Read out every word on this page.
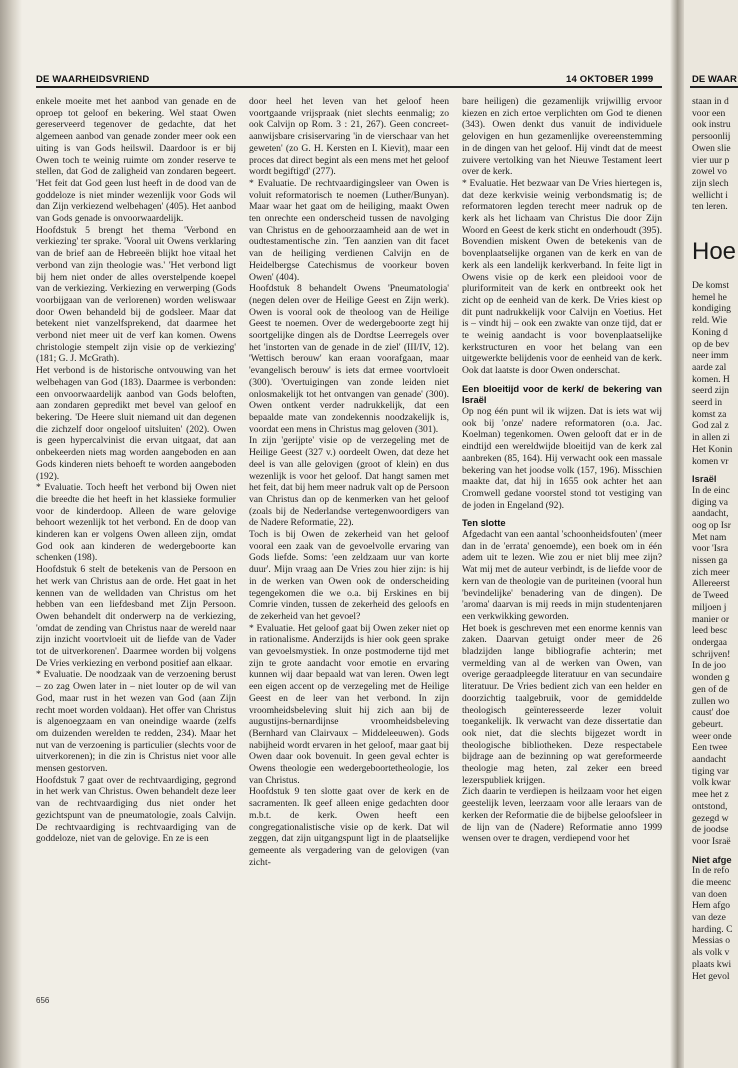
DE WAARHEIDSVRIEND	14 OKTOBER 1999

enkele moeite met het aanbod van genade en de oproep tot geloof en bekering. Wel staat Owen gereserveerd tegenover de gedachte, dat het algemeen aanbod van genade zonder meer ook een uiting is van Gods heilswil. Daardoor is er bij Owen toch te weinig ruimte om zonder reserve te stellen, dat God de zaligheid van zondaren begeert. 'Het feit dat God geen lust heeft in de dood van de goddeloze is niet minder wezenlijk voor Gods wil dan Zijn verkiezend welbehagen' (405). Het aanbod van Gods genade is onvoorwaardelijk.

Hoofdstuk 5 brengt het thema 'Verbond en verkiezing' ter sprake. 'Vooral uit Owens verklaring van de brief aan de Hebreeën blijkt hoe vitaal het verbond van zijn theologie was.' 'Het verbond ligt bij hem niet onder de alles overstelpende koepel van de verkiezing. Verkiezing en verwerping (Gods voorbijgaan van de verlorenen) worden weliswaar door Owen behandeld bij de godsleer. Maar dat betekent niet vanzelfsprekend, dat daarmee het verbond niet meer uit de verf kan komen. Owens christologie stempelt zijn visie op de verkiezing' (181; G. J. McGrath).

Het verbond is de historische ontvouwing van het welbehagen van God (183). Daarmee is verbonden: een onvoorwaardelijk aanbod van Gods beloften, aan zondaren gepredikt met bevel van geloof en bekering. 'De Heere sluit niemand uit dan degenen die zichzelf door ongeloof uitsluiten' (202). Owen is geen hypercalvinist die ervan uitgaat, dat aan onbekeerden niets mag worden aangeboden en aan Gods kinderen niets behoeft te worden aangeboden (192).

* Evaluatie. Toch heeft het verbond bij Owen niet die breedte die het heeft in het klassieke formulier voor de kinderdoop. Alleen de ware gelovige behoort wezenlijk tot het verbond. En de doop van kinderen kan er volgens Owen alleen zijn, omdat God ook aan kinderen de wedergeboorte kan schenken (198).

Hoofdstuk 6 stelt de betekenis van de Persoon en het werk van Christus aan de orde. Het gaat in het kennen van de welldaden van Christus om het hebben van een liefdesband met Zijn Persoon. Owen behandelt dit onderwerp na de verkiezing, 'omdat de zending van Christus naar de wereld naar zijn inzicht voortvloeit uit de liefde van de Vader tot de uitverkorenen'. Daarmee worden bij volgens De Vries verkiezing en verbond positief aan elkaar.

* Evaluatie. De noodzaak van de verzoening berust – zo zag Owen later in – niet louter op de wil van God, maar rust in het wezen van God (aan Zijn recht moet worden voldaan). Het offer van Christus is algenoegzaam en van oneindige waarde (zelfs om duizenden werelden te redden, 234). Maar het nut van de verzoening is particulier (slechts voor de uitverkorenen); in die zin is Christus niet voor alle mensen gestorven.

Hoofdstuk 7 gaat over de rechtvaardiging, gegrond in het werk van Christus. Owen behandelt deze leer van de rechtvaardiging dus niet onder het gezichtspunt van de pneumatologie, zoals Calvijn. De rechtvaardiging is rechtvaardiging van de goddeloze, niet van de gelovige. En ze is een

door heel het leven van het geloof heen voortgaande vrijspraak (niet slechts eenmalig; zo ook Calvijn op Rom. 3 : 21, 267). Geen concreet-aanwijsbare crisiservaring 'in de vierschaar van het geweten' (zo G. H. Kersten en I. Kievit), maar een proces dat direct begint als een mens met het geloof wordt begiftigd' (277).

* Evaluatie. De rechtvaardigingsleer van Owen is voluit reformatorisch te noemen (Luther/Bunyan). Maar waar het gaat om de heiliging, maakt Owen ten onrechte een onderscheid tussen de navolging van Christus en de gehoorzaamheid aan de wet in oudtestamentische zin. 'Ten aanzien van dit facet van de heiliging verdienen Calvijn en de Heidelbergse Catechismus de voorkeur boven Owen' (404).

Hoofdstuk 8 behandelt Owens 'Pneumatologia' (negen delen over de Heilige Geest en Zijn werk). Owen is vooral ook de theoloog van de Heilige Geest te noemen. Over de wedergeboorte zegt hij soortgelijke dingen als de Dordtse Leerregels over het 'instorten van de genade in de ziel' (III/IV, 12). 'Wettisch berouw' kan eraan voorafgaan, maar 'evangelisch berouw' is iets dat ermee voortvloeit (300). 'Overtuigingen van zonde leiden niet onlosmakelijk tot het ontvangen van genade' (300). Owen ontkent verder nadrukkelijk, dat een bepaalde mate van zondekennis noodzakelijk is, voordat een mens in Christus mag geloven (301).

In zijn 'gerijpte' visie op de verzegeling met de Heilige Geest (327 v.) oordeelt Owen, dat deze het deel is van alle gelovigen (groot of klein) en dus wezenlijk is voor het geloof. Dat hangt samen met het feit, dat bij hem meer nadruk valt op de Persoon van Christus dan op de kenmerken van het geloof (zoals bij de Nederlandse vertegenwoordigers van de Nadere Reformatie, 22).

Toch is bij Owen de zekerheid van het geloof vooral een zaak van de gevoelvolle ervaring van Gods liefde. Soms: 'een zeldzaam uur van korte duur'. Mijn vraag aan De Vries zou hier zijn: is hij in de werken van Owen ook de onderscheiding tegengekomen die we o.a. bij Erskines en bij Comrie vinden, tussen de zekerheid des geloofs en de zekerheid van het gevoel?

* Evaluatie. Het geloof gaat bij Owen zeker niet op in rationalisme. Anderzijds is hier ook geen sprake van gevoelsmystiek. In onze postmoderne tijd met zijn te grote aandacht voor emotie en ervaring kunnen wij daar bepaald wat van leren. Owen legt een eigen accent op de verzegeling met de Heilige Geest en de leer van het verbond. In zijn vroomheidsbeleving sluit hij zich aan bij de augustijns-bernardijnse vroomheidsbeleving (Bernhard van Clairvaux – Middeleeuwen). Gods nabijheid wordt ervaren in het geloof, maar gaat bij Owen daar ook bovenuit. In geen geval echter is Owens theologie een wedergeboortetheologie, los van Christus.

Hoofdstuk 9 ten slotte gaat over de kerk en de sacramenten. Ik geef alleen enige gedachten door m.b.t. de kerk. Owen heeft een congregationalistische visie op de kerk. Dat wil zeggen, dat zijn uitgangspunt ligt in de plaatselijke gemeente als vergadering van de gelovigen (van zicht-

bare heiligen) die gezamenlijk vrijwillig ervoor kiezen en zich ertoe verplichten om God te dienen (343). Owen denkt dus vanuit de individuele gelovigen en hun gezamenlijke overeenstemming in de dingen van het geloof. Hij vindt dat de meest zuivere vertolking van het Nieuwe Testament leert over de kerk.

* Evaluatie. Het bezwaar van De Vries hiertegen is, dat deze kerkvisie weinig verbondsmatig is; de reformatoren legden terecht meer nadruk op de kerk als het lichaam van Christus Die door Zijn Woord en Geest de kerk sticht en onderhoudt (395). Bovendien miskent Owen de betekenis van de bovenplaatselijke organen van de kerk en van de kerk als een landelijk kerkverband. In feite ligt in Owens visie op de kerk een pleidooi voor de pluriformiteit van de kerk en ontbreekt ook het zicht op de eenheid van de kerk. De Vries kiest op dit punt nadrukkelijk voor Calvijn en Voetius. Het is – vindt hij – ook een zwakte van onze tijd, dat er te weinig aandacht is voor bovenplaatselijke kerkstructuren en voor het belang van een uitgewerkte belijdenis voor de eenheid van de kerk. Ook dat laatste is door Owen onderschat.

Een bloeitijd voor de kerk/ de bekering van Israël

Op nog één punt wil ik wijzen. Dat is iets wat wij ook bij 'onze' nadere reformatoren (o.a. Jac. Koelman) tegenkomen. Owen gelooft dat er in de eindtijd een wereldwijde bloeitijd van de kerk zal aanbreken (85, 164). Hij verwacht ook een massale bekering van het joodse volk (157, 196). Misschien maakte dat, dat hij in 1655 ook achter het aan Cromwell gedane voorstel stond tot vestiging van de joden in Engeland (92).

Ten slotte

Afgedacht van een aantal 'schoonheidsfouten' (meer dan in de 'errata' genoemde), een boek om in één adem uit te lezen. Wie zou er niet blij mee zijn? Wat mij met de auteur verbindt, is de liefde voor de kern van de theologie van de puriteinen (vooral hun 'bevindelijke' benadering van de dingen). De 'aroma' daarvan is mij reeds in mijn studentenjaren een verkwikking geworden.

Het boek is geschreven met een enorme kennis van zaken. Daarvan getuigt onder meer de 26 bladzijden lange bibliografie achterin; met vermelding van al de werken van Owen, van overige geraadpleegde literatuur en van secundaire literatuur. De Vries bedient zich van een helder en doorzichtig taalgebruik, voor de gemiddelde theologisch geïnteresseerde lezer voluit toegankelijk. Ik verwacht van deze dissertatie dan ook niet, dat die slechts bijgezet wordt in theologische bibliotheken. Deze respectabele bijdrage aan de bezinning op wat gereformeerde theologie mag heten, zal zeker een breed lezerspubliek krijgen.

Zich daarin te verdiepen is heilzaam voor het eigen geestelijk leven, leerzaam voor alle leraars van de kerken der Reformatie die de bijbelse geloofsleer in de lijn van de (Nadere) Reformatie anno 1999 wensen over te dragen, verdiepend voor het

656
DE WAAR

staan in d

voor een

ook instru

persoonlij

Owen slie

vier uur p

zowel vo

zijn slech

wellicht i

ten leren.

Hoe

De komst

hemel he

kondiging

reld. Wie

Koning d

op de bev

neer imm

aarde zal

komen. H

seerd zijn

seerd in

komst za

God zal z

in allen zi

Het Konin

komen vr

Israël

In de einc

diging va

aandacht,

oog op Isr

Met nam

voor 'Isra

nissen ga

zich meer

Allereerst

de Tweed

miljoen j

manier or

leed besc

ondergaa

schrijven!

In de joo

wonden g

gen of de

zullen wo

caust' doe

gebeurt.

weer onde

Een twee

aandacht

tiging var

volk kwar

mee het z

ontstond,

gezegd w

de joodse

voor Israë

Niet afge

In de refo

die meenc

van doen

Hem afgo

van deze

harding. C

Messias o

als volk v

plaats kwi

Het gevol
